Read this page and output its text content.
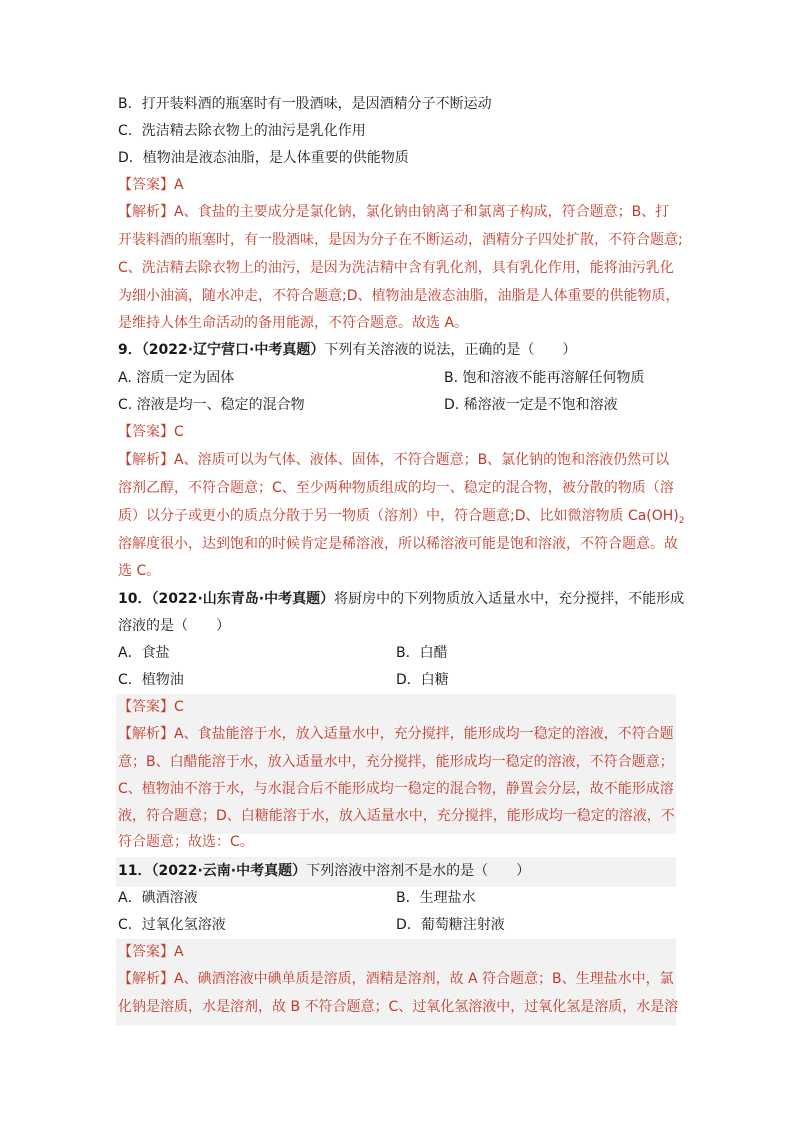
B．打开装料酒的瓶塞时有一股酒味，是因酒精分子不断运动
C．洗洁精去除衣物上的油污是乳化作用
D．植物油是液态油脂，是人体重要的供能物质
【答案】A
【解析】A、食盐的主要成分是氯化钠，氯化钠由钠离子和氯离子构成，符合题意；B、打
开装料酒的瓶塞时，有一股酒味，是因为分子在不断运动，酒精分子四处扩散，不符合题意;
C、洗洁精去除衣物上的油污，是因为洗洁精中含有乳化剂，具有乳化作用，能将油污乳化
为细小油滴，随水冲走，不符合题意;D、植物油是液态油脂，油脂是人体重要的供能物质，
是维持人体生命活动的备用能源，不符合题意。故选 A。
9．（2022·辽宁营口·中考真题）下列有关溶液的说法，正确的是（　　）
A. 溶质一定为固体	B. 饱和溶液不能再溶解任何物质
C. 溶液是均一、稳定的混合物	D. 稀溶液一定是不饱和溶液
【答案】C
【解析】A、溶质可以为气体、液体、固体，不符合题意；B、氯化钠的饱和溶液仍然可以
溶剂乙醇，不符合题意；C、至少两种物质组成的均一、稳定的混合物，被分散的物质（溶
质）以分子或更小的质点分散于另一物质（溶剂）中，符合题意;D、比如微溶物质 $Ca(OH)_2$
溶解度很小，达到饱和的时候肯定是稀溶液，所以稀溶液可能是饱和溶液，不符合题意。故
选 C。
10．（2022·山东青岛·中考真题）将厨房中的下列物质放入适量水中，充分搅拌，不能形成
溶液的是（　　）
A．食盐	B．白醋
C．植物油	D．白糖
【答案】C
【解析】A、食盐能溶于水，放入适量水中，充分搅拌，能形成均一稳定的溶液，不符合题
意；B、白醋能溶于水，放入适量水中，充分搅拌，能形成均一稳定的溶液，不符合题意；
C、植物油不溶于水，与水混合后不能形成均一稳定的混合物，静置会分层，故不能形成溶
液，符合题意；D、白糖能溶于水，放入适量水中，充分搅拌，能形成均一稳定的溶液，不
符合题意；故选：C。
11．（2022·云南·中考真题）下列溶液中溶剂不是水的是（　　）
A．碘酒溶液	B．生理盐水
C．过氧化氢溶液	D．葡萄糖注射液
【答案】A
【解析】A、碘酒溶液中碘单质是溶质，酒精是溶剂，故 A 符合题意；B、生理盐水中，氯
化钠是溶质，水是溶剂，故 B 不符合题意；C、过氧化氢溶液中，过氧化氢是溶质，水是溶
